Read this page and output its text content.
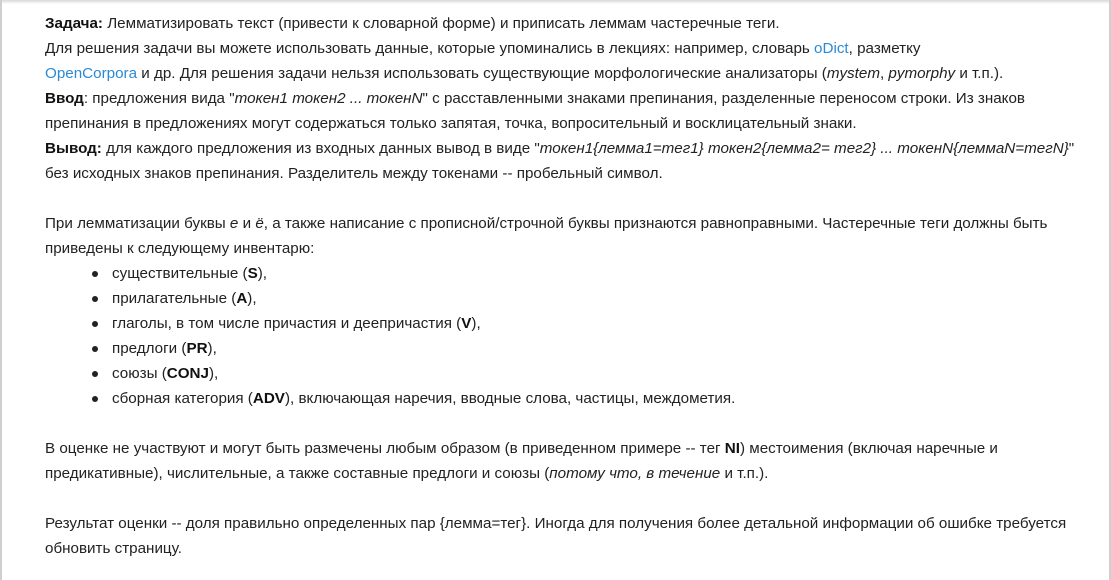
Задача: Лемматизировать текст (привести к словарной форме) и приписать леммам частеречные теги.

Для решения задачи вы можете использовать данные, которые упоминались в лекциях: например, словарь oDict, разметку
OpenCorpora и др. Для решения задачи нельзя использовать существующие морфологические анализаторы (mystem, pymorphy и т.п.).

Ввод: предложения вида "токен1 токен2 ... токенN" с расставленными знаками препинания, разделенные переносом строки. Из знаков препинания в предложениях могут содержаться только запятая, точка, вопросительный и восклицательный знаки.

Вывод: для каждого предложения из входных данных вывод в виде "токен1{лемма1=тег1} токен2{лемма2= тег2} ... токенN{леммаN=тегN}" без исходных знаков препинания. Разделитель между токенами -- пробельный символ.

При лемматизации буквы е и ё, а также написание с прописной/строчной буквы признаются равноправными. Частеречные теги должны быть приведены к следующему инвентарю:

существительные (S),
прилагательные (A),
глаголы, в том числе причастия и деепричастия (V),
предлоги (PR),
союзы (CONJ),
сборная категория (ADV), включающая наречия, вводные слова, частицы, междометия.

В оценке не участвуют и могут быть размечены любым образом (в приведенном примере -- тег NI) местоимения (включая наречные и предикативные), числительные, а также составные предлоги и союзы (потому что, в течение и т.п.).

Результат оценки -- доля правильно определенных пар {лемма=тег}. Иногда для получения более детальной информации об ошибке требуется обновить страницу.
